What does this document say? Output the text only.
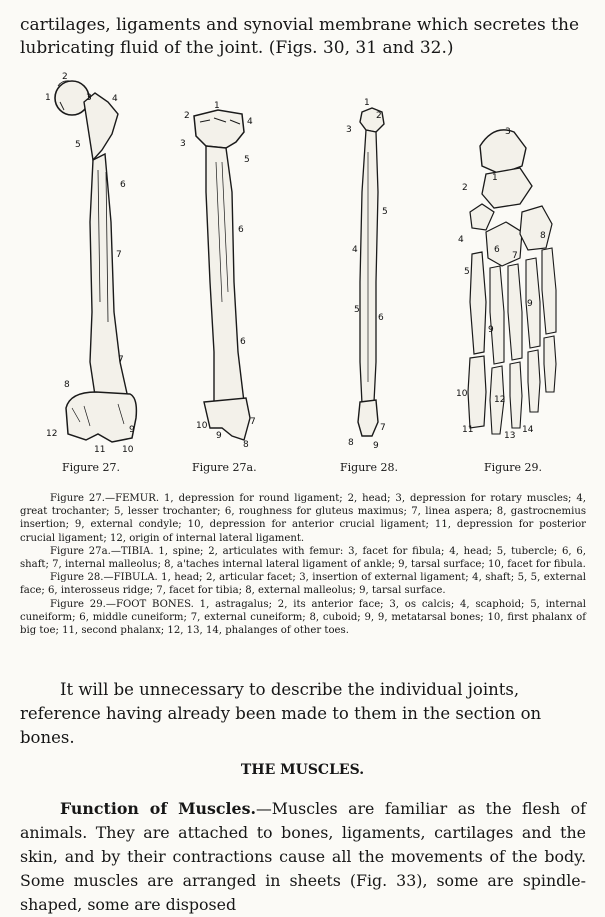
cartilages, ligaments and synovial membrane which secretes the lubricating fluid of the joint. (Figs. 30, 31 and 32.)

2
1	3 4
5
6
7
7
8
12
11
9
10
1
2
4
3
5
6
6
10
9
7
8
1
2
3
5
4
5
6
7
8 9
3
1
2
4
6
7
8
5
9
9
10
12
11
13
14

Figure 27.	Figure 27a.	Figure 28.	Figure 29.

Figure 27.—FEMUR. 1, depression for round ligament; 2, head; 3, depression for rotary muscles; 4, great trochanter; 5, lesser trochanter; 6, roughness for gluteus maximus; 7, linea aspera; 8, gastrocnemius insertion; 9, external condyle; 10, depression for anterior crucial ligament; 11, depression for posterior crucial ligament; 12, origin of internal lateral ligament.

Figure 27a.—TIBIA. 1, spine; 2, articulates with femur: 3, facet for fibula; 4, head; 5, tubercle; 6, 6, shaft; 7, internal malleolus; 8, a'taches internal lateral ligament of ankle; 9, tarsal surface; 10, facet for fibula.

Figure 28.—FIBULA. 1, head; 2, articular facet; 3, insertion of external ligament; 4, shaft; 5, 5, external face; 6, interosseus ridge; 7, facet for tibia; 8, external malleolus; 9, tarsal surface.

Figure 29.—FOOT BONES. 1, astragalus; 2, its anterior face; 3, os calcis; 4, scaphoid; 5, internal cuneiform; 6, middle cuneiform; 7, external cuneiform; 8, cuboid; 9, 9, metatarsal bones; 10, first phalanx of big toe; 11, second phalanx; 12, 13, 14, phalanges of other toes.

It will be unnecessary to describe the individual joints, reference having already been made to them in the section on bones.

THE MUSCLES.

Function of Muscles.—Muscles are familiar as the flesh of animals. They are attached to bones, ligaments, cartilages and the skin, and by their contractions cause all the movements of the body. Some muscles are arranged in sheets (Fig. 33), some are spindle-shaped, some are disposed
